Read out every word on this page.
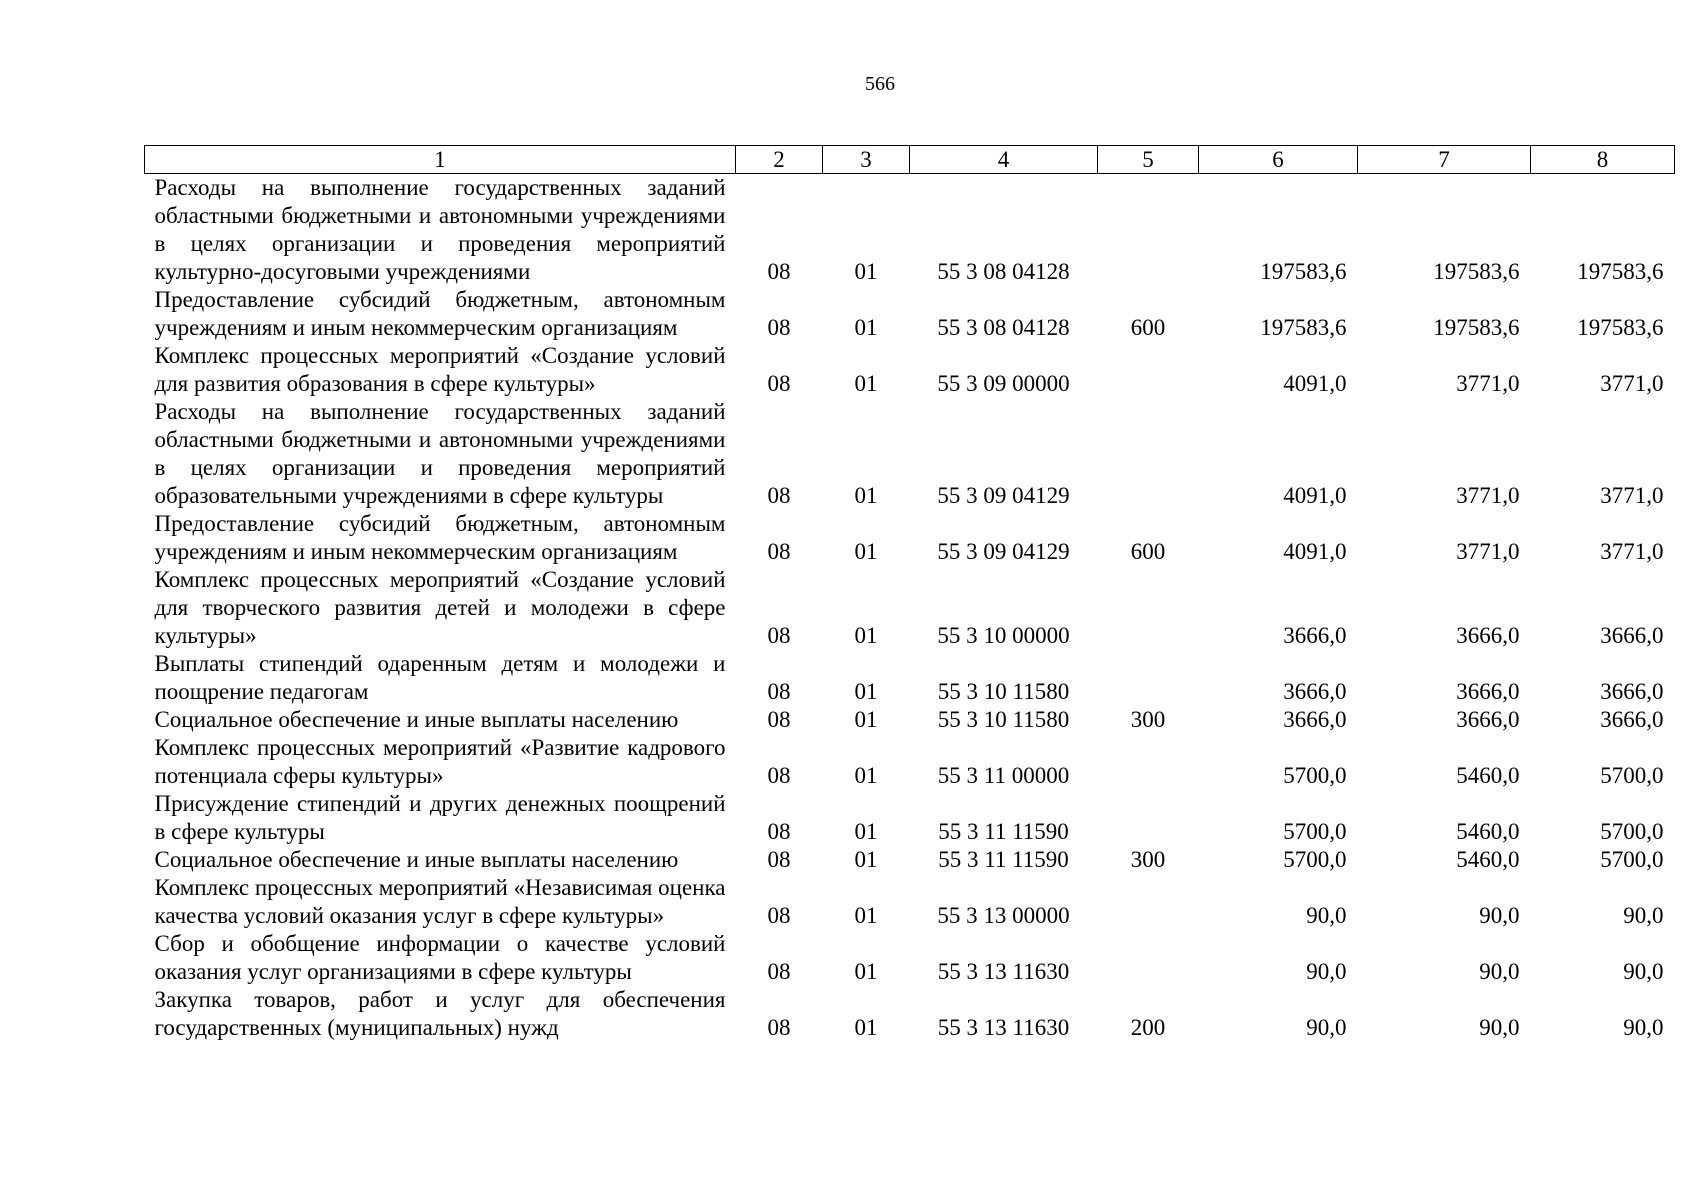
566
1	2	3	4	5	6	7	8
Расходы на выполнение государственных заданий областными бюджетными и автономными учреждениями в целях организации и проведения мероприятий культурно-досуговыми учреждениями	08	01	55 3 08 04128		197583,6	197583,6	197583,6
Предоставление субсидий бюджетным, автономным учреждениям и иным некоммерческим организациям	08	01	55 3 08 04128	600	197583,6	197583,6	197583,6
Комплекс процессных мероприятий «Создание условий для развития образования в сфере культуры»	08	01	55 3 09 00000		4091,0	3771,0	3771,0
Расходы на выполнение государственных заданий областными бюджетными и автономными учреждениями в целях организации и проведения мероприятий образовательными учреждениями в сфере культуры	08	01	55 3 09 04129		4091,0	3771,0	3771,0
Предоставление субсидий бюджетным, автономным учреждениям и иным некоммерческим организациям	08	01	55 3 09 04129	600	4091,0	3771,0	3771,0
Комплекс процессных мероприятий «Создание условий для творческого развития детей и молодежи в сфере культуры»	08	01	55 3 10 00000		3666,0	3666,0	3666,0
Выплаты стипендий одаренным детям и молодежи и поощрение педагогам	08	01	55 3 10 11580		3666,0	3666,0	3666,0
Социальное обеспечение и иные выплаты населению	08	01	55 3 10 11580	300	3666,0	3666,0	3666,0
Комплекс процессных мероприятий «Развитие кадрового потенциала сферы культуры»	08	01	55 3 11 00000		5700,0	5460,0	5700,0
Присуждение стипендий и других денежных поощрений в сфере культуры	08	01	55 3 11 11590		5700,0	5460,0	5700,0
Социальное обеспечение и иные выплаты населению	08	01	55 3 11 11590	300	5700,0	5460,0	5700,0
Комплекс процессных мероприятий «Независимая оценка качества условий оказания услуг в сфере культуры»	08	01	55 3 13 00000		90,0	90,0	90,0
Сбор и обобщение информации о качестве условий оказания услуг организациями в сфере культуры	08	01	55 3 13 11630		90,0	90,0	90,0
Закупка товаров, работ и услуг для обеспечения государственных (муниципальных) нужд	08	01	55 3 13 11630	200	90,0	90,0	90,0
